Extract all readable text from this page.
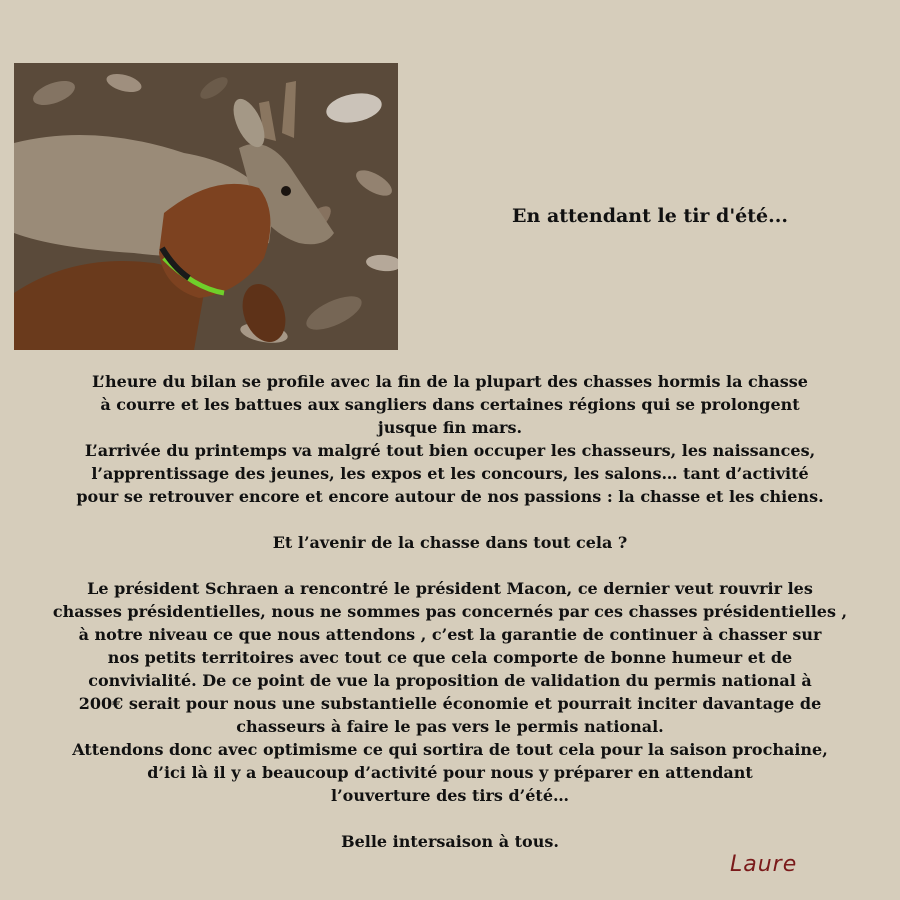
En attendant le tir d'été...

L’heure du bilan se profile avec la fin de la plupart des chasses hormis la chasse
à courre et les battues aux sangliers dans certaines régions qui se prolongent
jusque fin mars.
L’arrivée du printemps va malgré tout bien occuper les chasseurs, les naissances,
l’apprentissage des jeunes, les expos et les concours, les salons… tant d’activité
pour se retrouver encore et encore autour de nos passions : la chasse et les chiens.

Et l’avenir de la chasse dans tout cela ?

Le président Schraen a rencontré le président Macon, ce dernier veut rouvrir les
chasses présidentielles, nous ne sommes pas concernés par ces chasses présidentielles ,
à notre niveau ce que nous attendons , c’est la garantie de continuer à chasser sur
nos petits territoires avec tout ce que cela comporte de bonne humeur et de
convivialité. De ce point de vue la proposition de validation du permis national à
200€ serait pour nous une substantielle économie et pourrait inciter davantage de
chasseurs à faire le pas vers le permis national.
Attendons donc avec optimisme ce qui sortira de tout cela pour la saison prochaine,
d’ici là il y a beaucoup d’activité pour nous y préparer en attendant
l’ouverture des tirs d’été…

Belle intersaison à tous.

Laure
